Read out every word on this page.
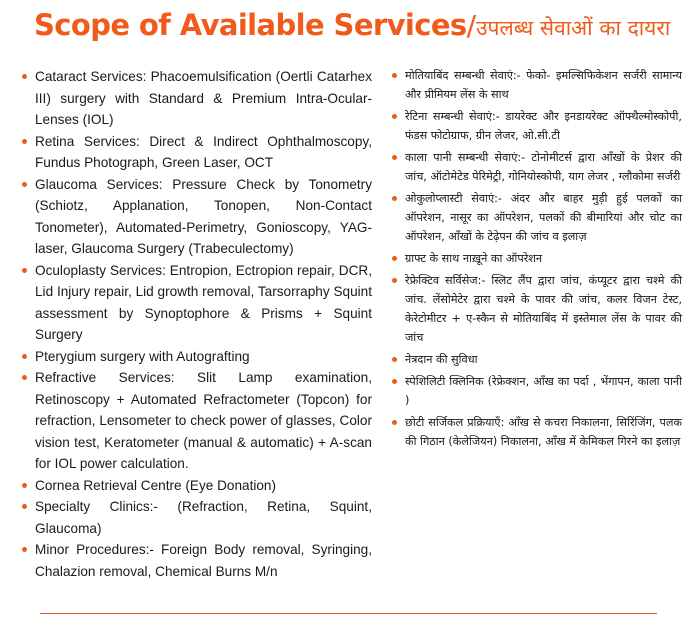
Scope of Available Services/उपलब्ध सेवाओं का दायरा
Cataract Services: Phacoemulsification (Oertli Catarhex III) surgery with Standard & Premium Intra-Ocular-Lenses (IOL)
Retina Services: Direct & Indirect Ophthalmoscopy, Fundus Photograph, Green Laser, OCT
Glaucoma Services: Pressure Check by Tonometry (Schiotz, Applanation, Tonopen, Non-Contact Tonometer), Automated-Perimetry, Gonioscopy, YAG-laser, Glaucoma Surgery (Trabeculectomy)
Oculoplasty Services: Entropion, Ectropion repair, DCR, Lid Injury repair, Lid growth removal, Tarsorraphy Squint assessment by Synoptophore & Prisms + Squint Surgery
Pterygium surgery with Autografting
Refractive Services: Slit Lamp examination, Retinoscopy + Automated Refractometer (Topcon) for refraction, Lensometer to check power of glasses, Color vision test, Keratometer (manual & automatic) + A-scan for IOL power calculation.
Cornea Retrieval Centre (Eye Donation)
Specialty Clinics:- (Refraction, Retina, Squint, Glaucoma)
Minor Procedures:- Foreign Body removal, Syringing, Chalazion removal, Chemical Burns M/n
मोतियाबिंद सम्बन्धी सेवाएं:- फेको- इमल्सिफिकेशन सर्जरी सामान्य और प्रीमियम लेंस के साथ
रेटिना सम्बन्धी सेवाएं:- डायरेक्ट और इनडायरेक्ट ऑफ्थैल्मोस्कोपी, फंडस फोटोग्राफ, ग्रीन लेजर, ओ.सी.टी
काला पानी सम्बन्धी सेवाएं:- टोनोमीटर्स द्वारा आँखों के प्रेशर की जांच, ऑटोमेटेड पेरिमेट्री, गोनियोस्कोपी, याग लेजर , ग्लौकोमा सर्जरी
ओकुलोप्लास्टी सेवाएं:- अंदर और बाहर मुड़ी हुई पलकों का ऑपरेशन, नासूर का ऑपरेशन, पलकों की बीमारियां और चोट का ऑपरेशन, आँखों के टेढ़ेपन की जांच व इलाज़
ग्राफ्ट के साथ नाख़ूने का ऑपरेशन
रेफ्रेक्टिव सर्विसेज:- स्लिट लैंप द्वारा जांच, कंप्यूटर द्वारा चश्मे की जांच. लेंसोमेटेर द्वारा चश्मे के पावर की जांच, कलर विजन टेस्ट, केरेटोमीटर + ए-स्कैन से मोतियाबिंद में इस्तेमाल लेंस के पावर की जांच
नेत्रदान की सुविधा
स्पेशिलिटी क्लिनिक (रेफ्रेक्शन, आँख का पर्दा , भेंगापन, काला पानी )
छोटी सर्जिकल प्रक्रियाएँ: आँख से कचरा निकालना, सिरिंजिंग, पलक की गिठान (केलेजियन) निकालना, आँख में केमिकल गिरने का इलाज़
